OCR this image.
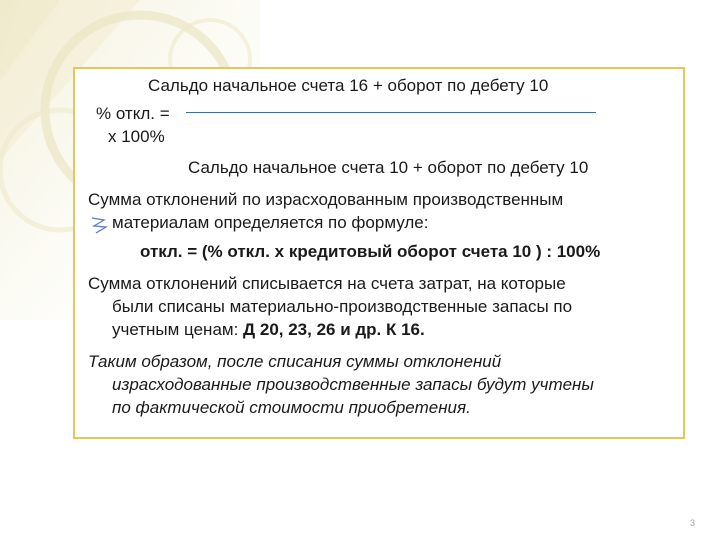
Сальдо начальное счета 16 + оборот по дебету 10
% откл. =
х 100%
Сальдо начальное счета 10 + оборот по дебету 10
Сумма отклонений по израсходованным производственным
материалам определяется по формуле:
откл. = (% откл. х кредитовый оборот счета 10 ) : 100%
Сумма отклонений списывается на счета затрат, на которые
были списаны материально-производственные запасы по
учетным ценам: Д 20, 23, 26 и др. К 16.
Таким образом, после списания суммы отклонений
израсходованные производственные запасы будут учтены
по фактической стоимости приобретения.
3
